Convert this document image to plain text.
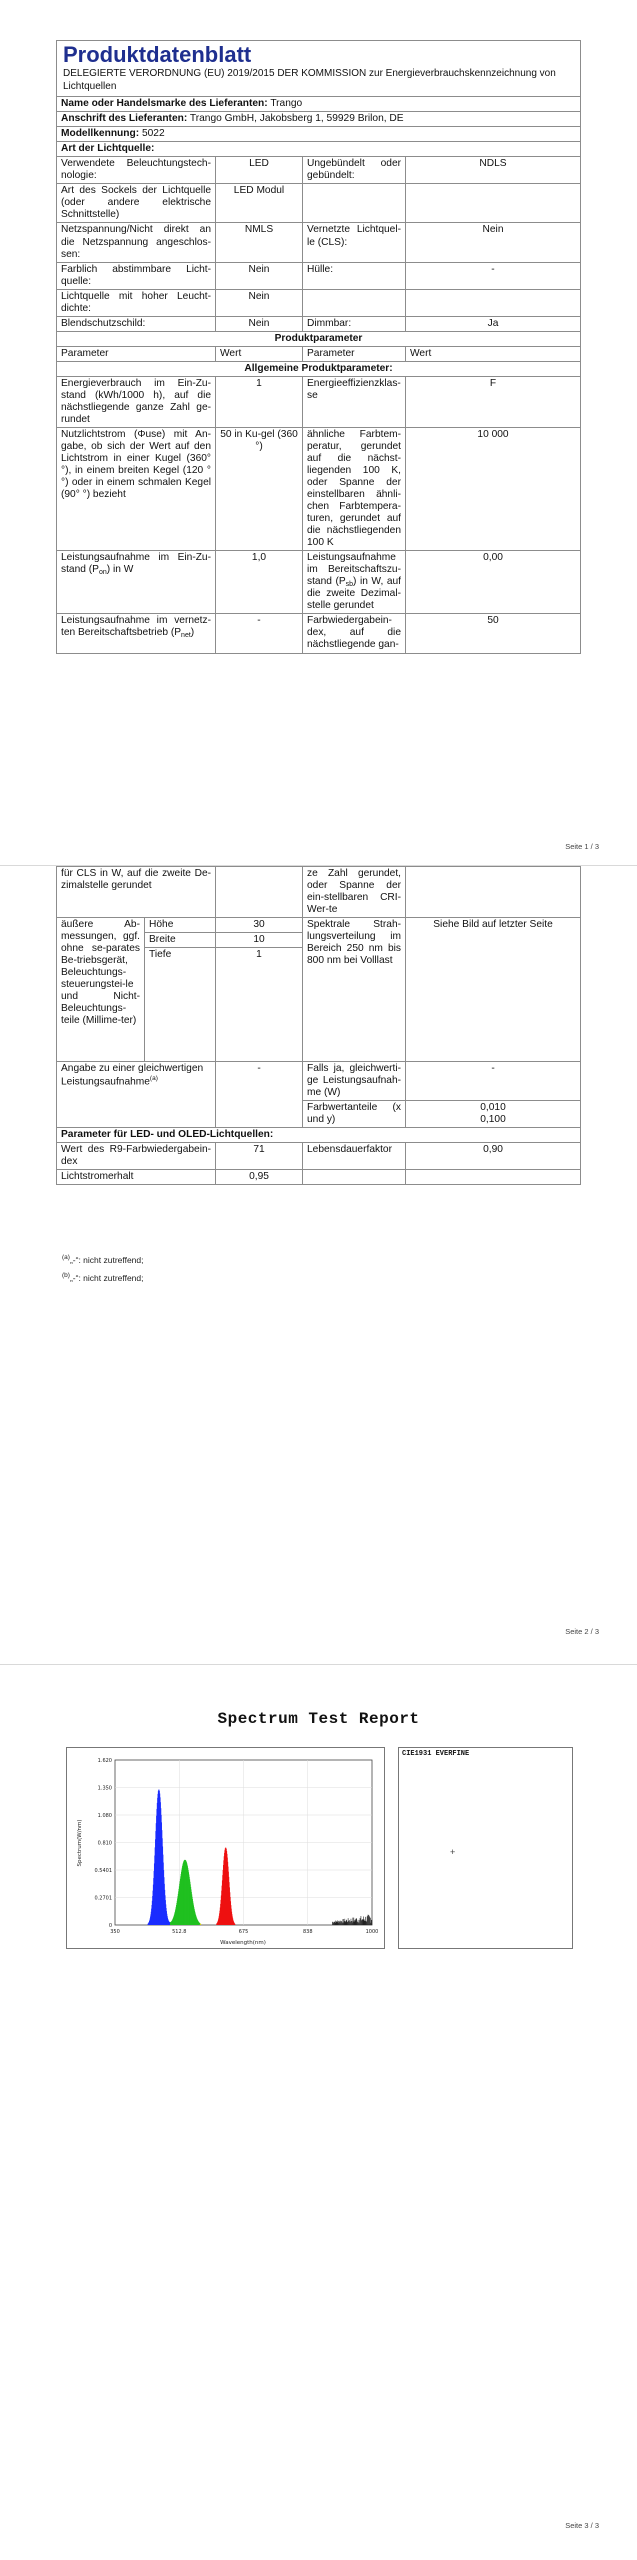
Produktdatenblatt
DELEGIERTE VERORDNUNG (EU) 2019/2015 DER KOMMISSION zur Energieverbrauchskennzeichnung von Lichtquellen			

Name oder Handelsmarke des Lieferanten: Trango			
Anschrift des Lieferanten: Trango GmbH, Jakobsberg 1, 59929 Brilon, DE			
Modellkennung: 5022			
Art der Lichtquelle:			
Verwendete Beleuchtungstech-nologie:	LED	Ungebündelt oder gebündelt:	NDLS
Art des Sockels der Lichtquelle (oder andere elektrische Schnittstelle)	LED Modul		
Netzspannung/Nicht direkt an die Netzspannung angeschlos-sen:	NMLS	Vernetzte Lichtquel-le (CLS):	Nein
Farblich abstimmbare Licht-quelle:	Nein	Hülle:	-
Lichtquelle mit hoher Leucht-dichte:	Nein		
Blendschutzschild:	Nein	Dimmbar:	Ja
Produktparameter			
Parameter	Wert	Parameter	Wert
Allgemeine Produktparameter:			
Energieverbrauch im Ein-Zu-stand (kWh/1000 h), auf die nächstliegende ganze Zahl ge-rundet	1	Energieeffizienzklas-se	F
Nutzlichtstrom (Φuse) mit An-gabe, ob sich der Wert auf den Lichtstrom in einer Kugel (360° °), in einem breiten Kegel (120 °°) oder in einem schmalen Kegel (90° °) bezieht	50 in Ku-gel (360 °)	ähnliche Farbtem-peratur, gerundet auf die nächst-liegenden 100 K, oder Spanne der einstellbaren ähnli-chen Farbtempera-turen, gerundet auf die nächstliegenden 100 K	10 000
Leistungsaufnahme im Ein-Zu-stand (Pon) in W	1,0	Leistungsaufnahme im Bereitschaftszu-stand (Psb) in W, auf die zweite Dezimal-stelle gerundet	0,00
Leistungsaufnahme im vernetz-ten Bereitschaftsbetrieb (Pnet)	-	Farbwiedergabein-dex, auf die nächstliegende gan-	50
Seite 1 / 3
für CLS in W, auf die zweite De-zimalstelle gerundet			ze Zahl gerundet, oder Spanne der ein-stellbaren CRI-Wer-te	
äußere Ab-messungen, ggf. ohne se-parates Be-triebsgerät, Beleuchtungs-steuerungstei-le und Nicht-Beleuchtungs-teile (Millime-ter)	Höhe	30	Spektrale Strah-lungsverteilung im Bereich 250 nm bis 800 nm bei Volllast	Siehe Bild auf letzter Seite
	Breite	10		
	Tiefe	1		
Angabe zu einer gleichwertigen Leistungsaufnahme$^{(a)}$		-	Falls ja, gleichwerti-ge Leistungsaufnah-me (W)	-
			Farbwertanteile (x und y)	0,010
0,100

Parameter für LED- und OLED-Lichtquellen:				
Wert des R9-Farbwiedergabein-dex		71	Lebensdauerfaktor	0,90
Lichtstromerhalt		0,95		
$^{(a)}$„-“: nicht zutreffend;
$^{(b)}$„-“: nicht zutreffend;
Seite 2 / 3
Spectrum Test Report
1.620
1.350
1.080
0.810
0.5401
0.2701
0
350	512.8	675	838	1000
Wavelength(nm)
Spectrum(W/nm)
CIE1931 EVERFINE
+
Seite 3 / 3
